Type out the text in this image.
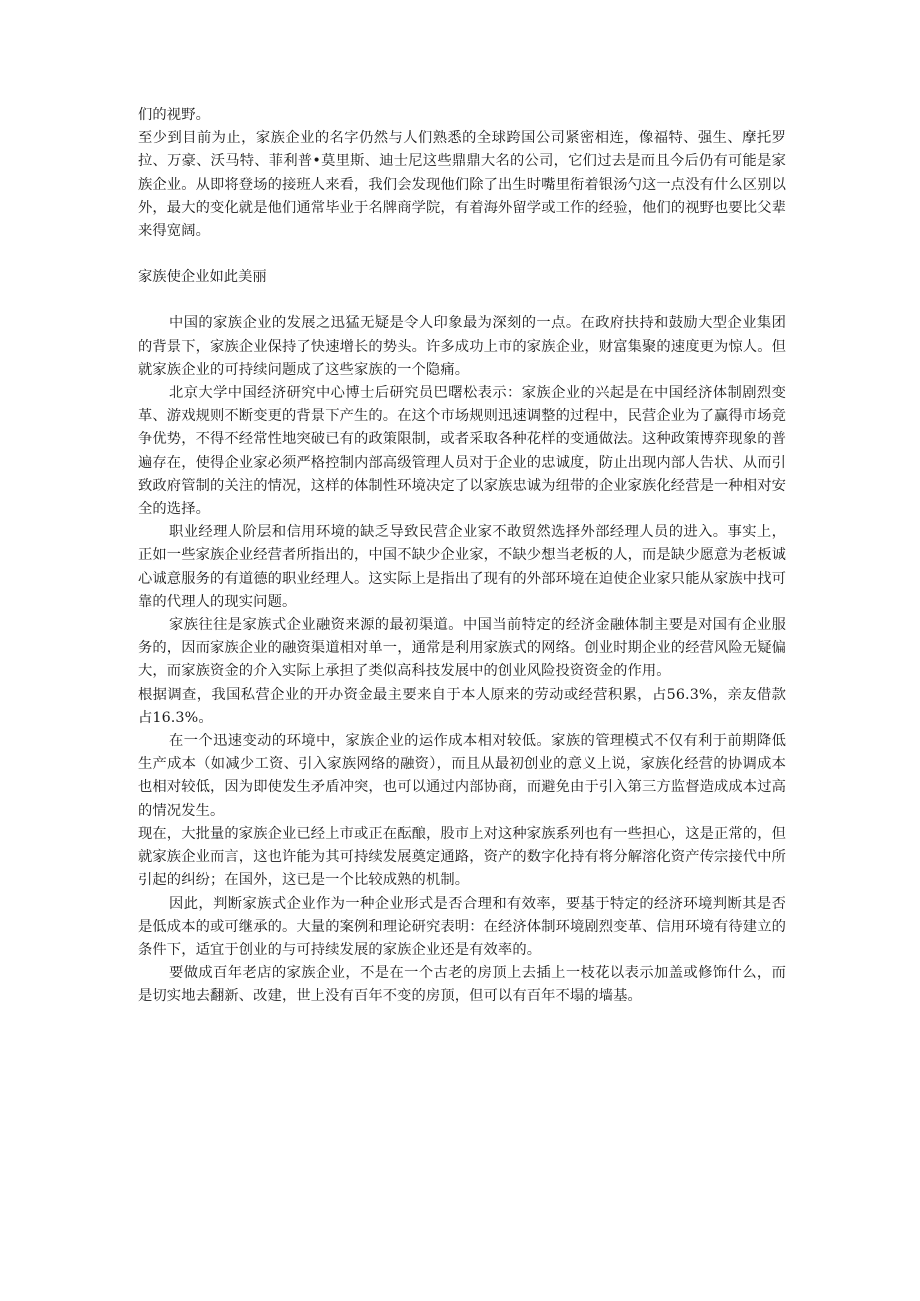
们的视野。

至少到目前为止，家族企业的名字仍然与人们熟悉的全球跨国公司紧密相连，像福特、强生、摩托罗拉、万豪、沃马特、菲利普•莫里斯、迪士尼这些鼎鼎大名的公司，它们过去是而且今后仍有可能是家族企业。从即将登场的接班人来看，我们会发现他们除了出生时嘴里衔着银汤勺这一点没有什么区别以外，最大的变化就是他们通常毕业于名牌商学院，有着海外留学或工作的经验，他们的视野也要比父辈来得宽阔。

家族使企业如此美丽

中国的家族企业的发展之迅猛无疑是令人印象最为深刻的一点。在政府扶持和鼓励大型企业集团的背景下，家族企业保持了快速增长的势头。许多成功上市的家族企业，财富集聚的速度更为惊人。但就家族企业的可持续问题成了这些家族的一个隐痛。

北京大学中国经济研究中心博士后研究员巴曙松表示：家族企业的兴起是在中国经济体制剧烈变革、游戏规则不断变更的背景下产生的。在这个市场规则迅速调整的过程中，民营企业为了赢得市场竞争优势，不得不经常性地突破已有的政策限制，或者采取各种花样的变通做法。这种政策博弈现象的普遍存在，使得企业家必须严格控制内部高级管理人员对于企业的忠诚度，防止出现内部人告状、从而引致政府管制的关注的情况，这样的体制性环境决定了以家族忠诚为纽带的企业家族化经营是一种相对安全的选择。

职业经理人阶层和信用环境的缺乏导致民营企业家不敢贸然选择外部经理人员的进入。事实上，正如一些家族企业经营者所指出的，中国不缺少企业家，不缺少想当老板的人，而是缺少愿意为老板诚心诚意服务的有道德的职业经理人。这实际上是指出了现有的外部环境在迫使企业家只能从家族中找可靠的代理人的现实问题。

家族往往是家族式企业融资来源的最初渠道。中国当前特定的经济金融体制主要是对国有企业服务的，因而家族企业的融资渠道相对单一，通常是利用家族式的网络。创业时期企业的经营风险无疑偏大，而家族资金的介入实际上承担了类似高科技发展中的创业风险投资资金的作用。

根据调查，我国私营企业的开办资金最主要来自于本人原来的劳动或经营积累，占56.3%，亲友借款占16.3%。

在一个迅速变动的环境中，家族企业的运作成本相对较低。家族的管理模式不仅有利于前期降低生产成本（如减少工资、引入家族网络的融资），而且从最初创业的意义上说，家族化经营的协调成本也相对较低，因为即使发生矛盾冲突，也可以通过内部协商，而避免由于引入第三方监督造成成本过高的情况发生。

现在，大批量的家族企业已经上市或正在酝酿，股市上对这种家族系列也有一些担心，这是正常的，但就家族企业而言，这也许能为其可持续发展奠定通路，资产的数字化持有将分解溶化资产传宗接代中所引起的纠纷；在国外，这已是一个比较成熟的机制。

因此，判断家族式企业作为一种企业形式是否合理和有效率，要基于特定的经济环境判断其是否是低成本的或可继承的。大量的案例和理论研究表明：在经济体制环境剧烈变革、信用环境有待建立的条件下，适宜于创业的与可持续发展的家族企业还是有效率的。

要做成百年老店的家族企业，不是在一个古老的房顶上去插上一枝花以表示加盖或修饰什么，而是切实地去翻新、改建，世上没有百年不变的房顶，但可以有百年不塌的墙基。
